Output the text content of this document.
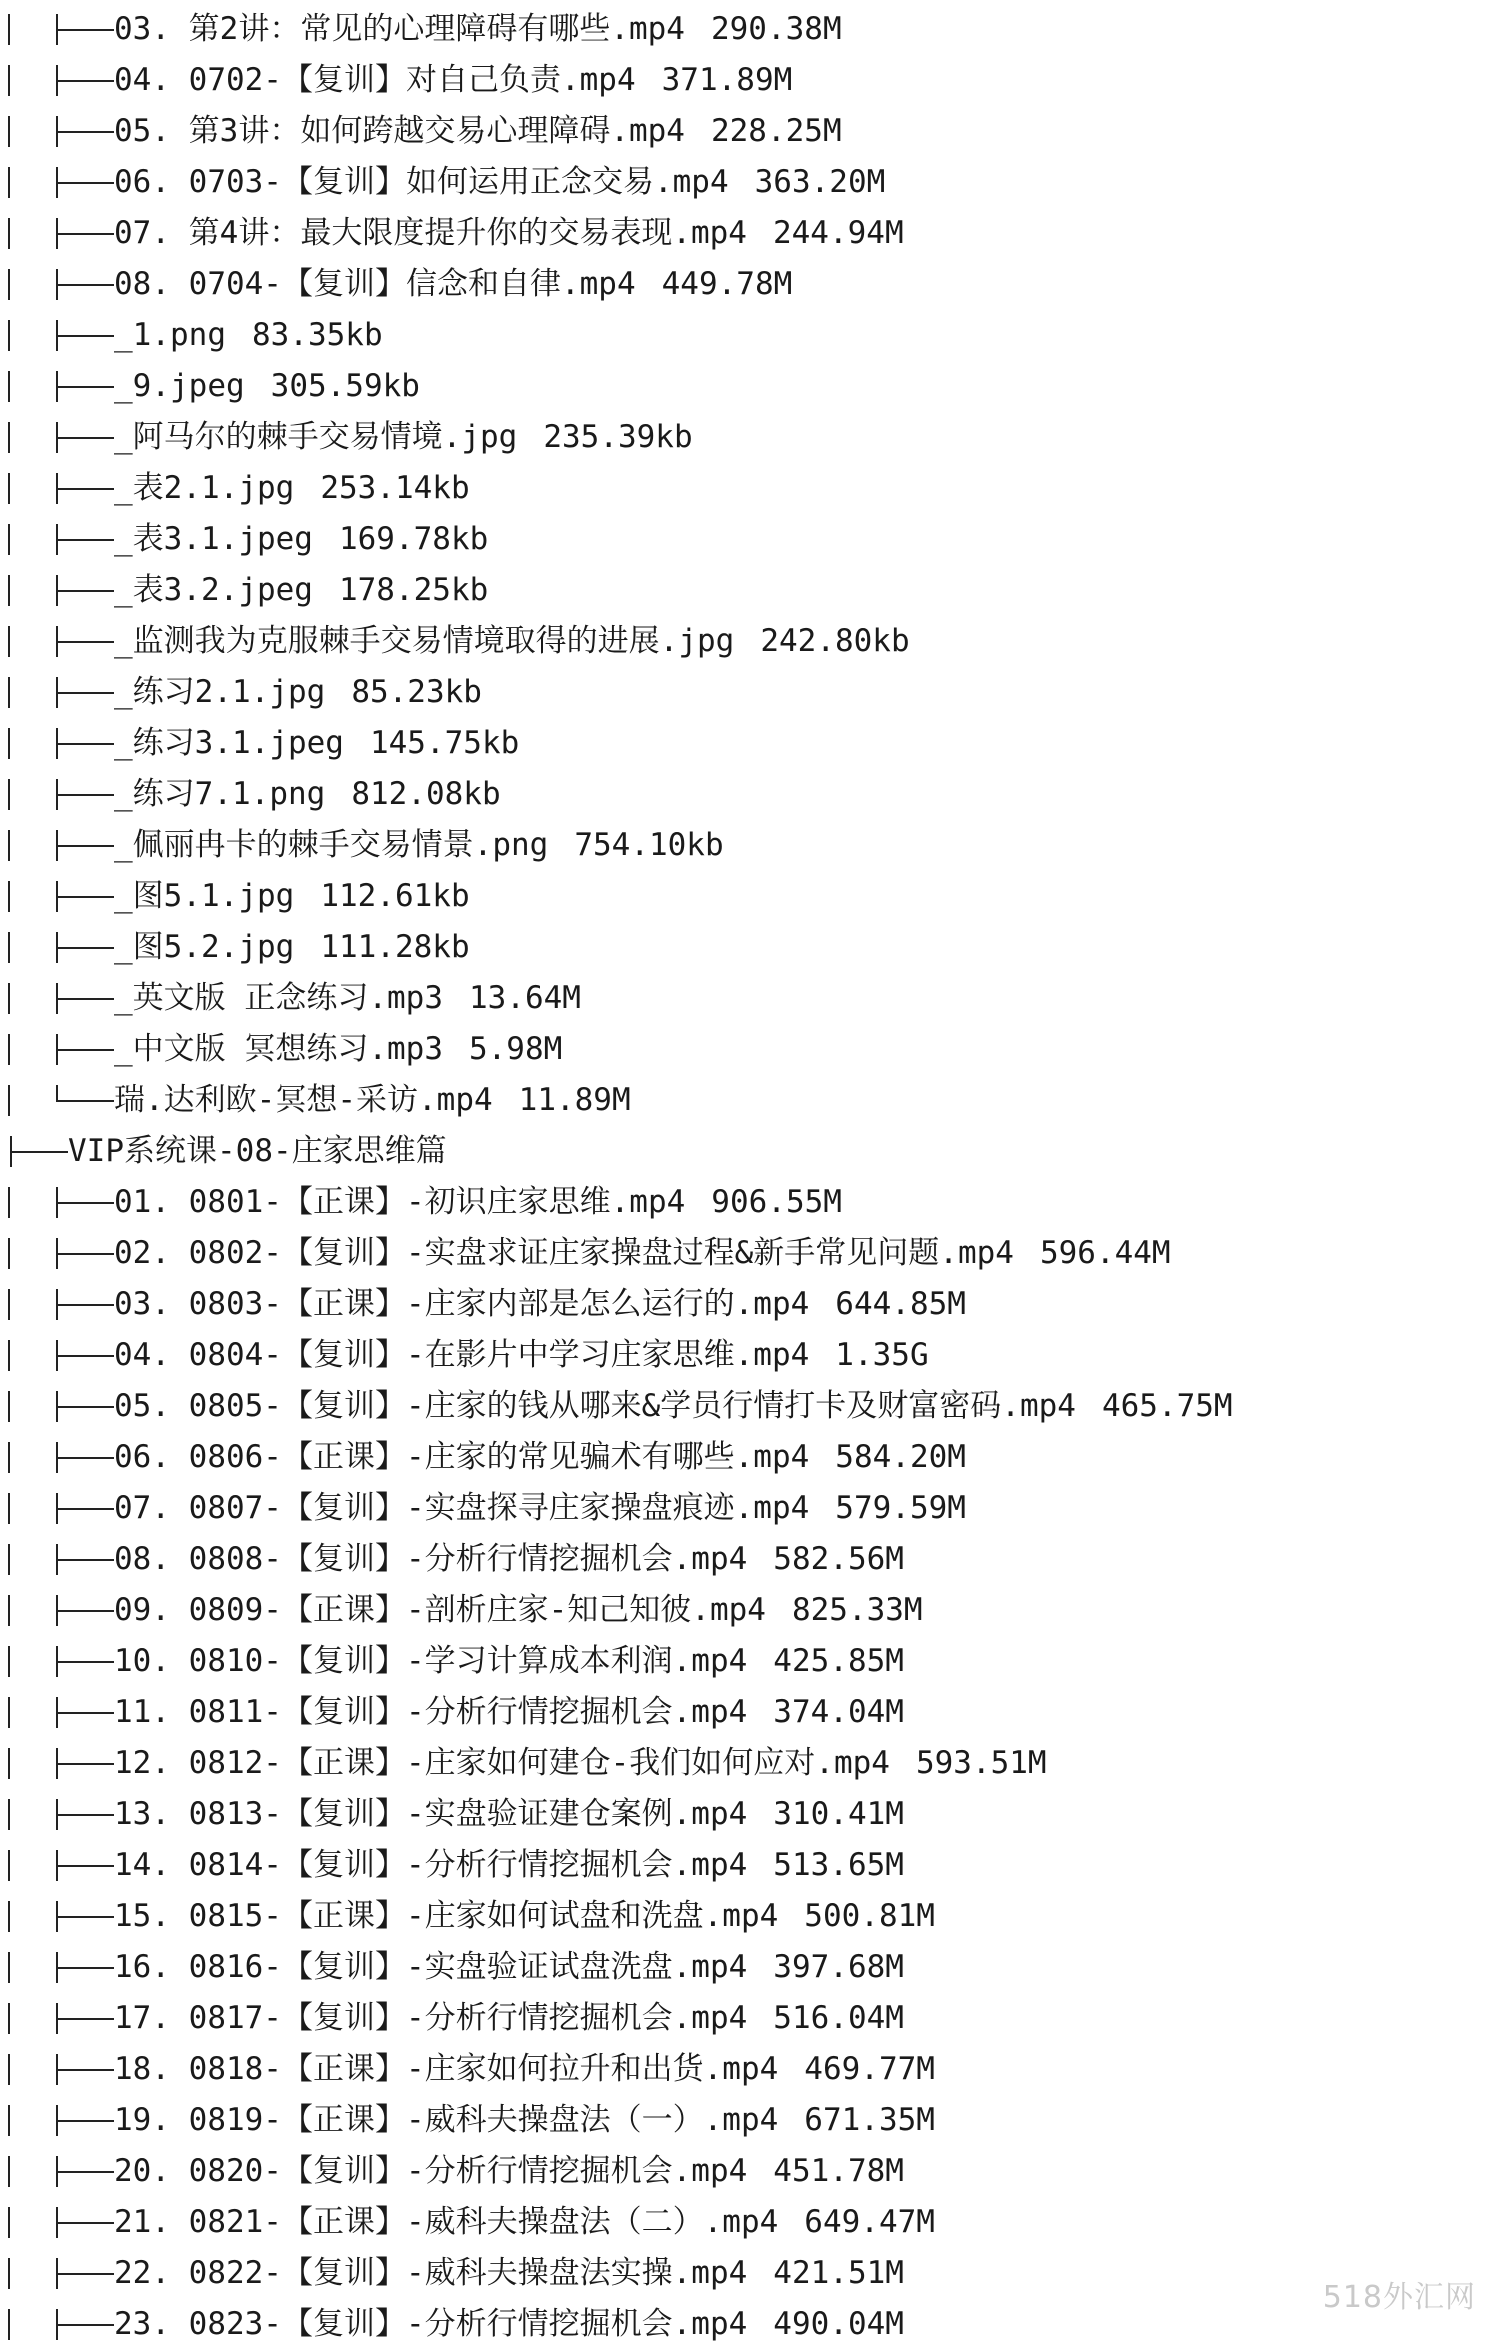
03. 第2讲：常见的心理障碍有哪些.mp4 290.38M
04. 0702-【复训】对自己负责.mp4 371.89M
05. 第3讲：如何跨越交易心理障碍.mp4 228.25M
06. 0703-【复训】如何运用正念交易.mp4 363.20M
07. 第4讲：最大限度提升你的交易表现.mp4 244.94M
08. 0704-【复训】信念和自律.mp4 449.78M
_1.png 83.35kb
_9.jpeg 305.59kb
_阿马尔的棘手交易情境.jpg 235.39kb
_表2.1.jpg 253.14kb
_表3.1.jpeg 169.78kb
_表3.2.jpeg 178.25kb
_监测我为克服棘手交易情境取得的进展.jpg 242.80kb
_练习2.1.jpg 85.23kb
_练习3.1.jpeg 145.75kb
_练习7.1.png 812.08kb
_佩丽冉卡的棘手交易情景.png 754.10kb
_图5.1.jpg 112.61kb
_图5.2.jpg 111.28kb
_英文版 正念练习.mp3 13.64M
_中文版 冥想练习.mp3 5.98M
瑞.达利欧-冥想-采访.mp4 11.89M
VIP系统课-08-庄家思维篇
01. 0801-【正课】-初识庄家思维.mp4 906.55M
02. 0802-【复训】-实盘求证庄家操盘过程&新手常见问题.mp4 596.44M
03. 0803-【正课】-庄家内部是怎么运行的.mp4 644.85M
04. 0804-【复训】-在影片中学习庄家思维.mp4 1.35G
05. 0805-【复训】-庄家的钱从哪来&学员行情打卡及财富密码.mp4 465.75M
06. 0806-【正课】-庄家的常见骗术有哪些.mp4 584.20M
07. 0807-【复训】-实盘探寻庄家操盘痕迹.mp4 579.59M
08. 0808-【复训】-分析行情挖掘机会.mp4 582.56M
09. 0809-【正课】-剖析庄家-知己知彼.mp4 825.33M
10. 0810-【复训】-学习计算成本利润.mp4 425.85M
11. 0811-【复训】-分析行情挖掘机会.mp4 374.04M
12. 0812-【正课】-庄家如何建仓-我们如何应对.mp4 593.51M
13. 0813-【复训】-实盘验证建仓案例.mp4 310.41M
14. 0814-【复训】-分析行情挖掘机会.mp4 513.65M
15. 0815-【正课】-庄家如何试盘和洗盘.mp4 500.81M
16. 0816-【复训】-实盘验证试盘洗盘.mp4 397.68M
17. 0817-【复训】-分析行情挖掘机会.mp4 516.04M
18. 0818-【正课】-庄家如何拉升和出货.mp4 469.77M
19. 0819-【正课】-威科夫操盘法（一）.mp4 671.35M
20. 0820-【复训】-分析行情挖掘机会.mp4 451.78M
21. 0821-【正课】-威科夫操盘法（二）.mp4 649.47M
22. 0822-【复训】-威科夫操盘法实操.mp4 421.51M
23. 0823-【复训】-分析行情挖掘机会.mp4 490.04M
518外汇网
